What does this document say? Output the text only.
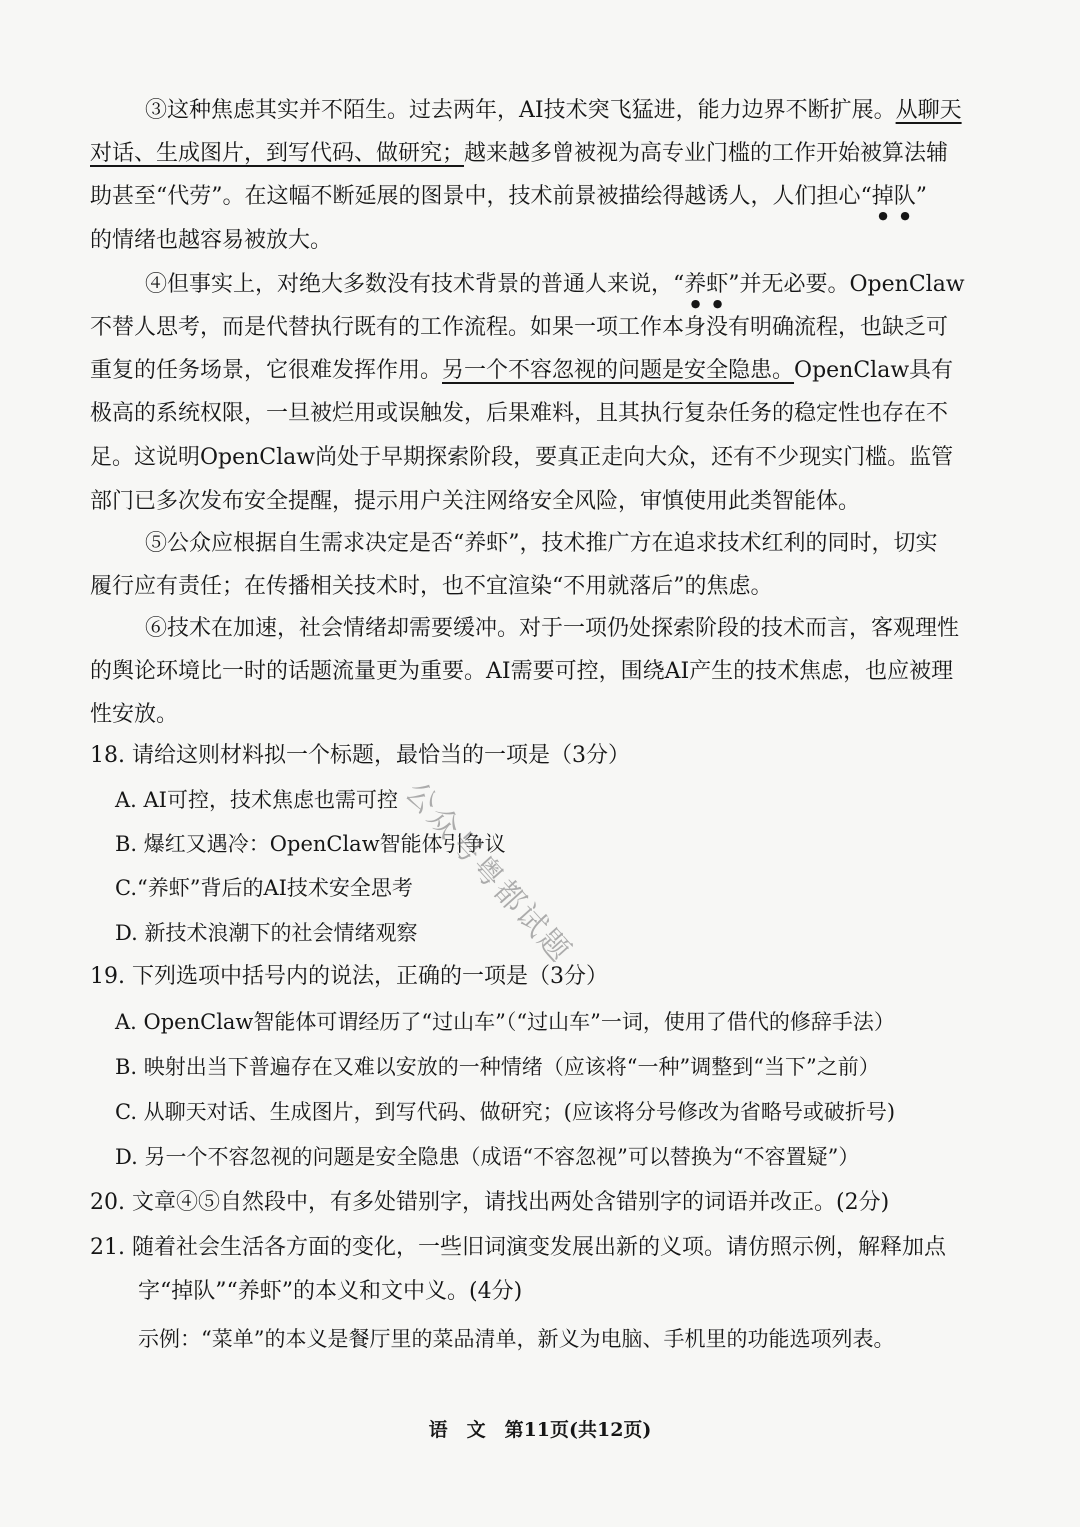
③这种焦虑其实并不陌生。过去两年，AI技术突飞猛进，能力边界不断扩展。从聊天
对话、生成图片，到写代码、做研究；越来越多曾被视为高专业门槛的工作开始被算法辅
助甚至“代劳”。在这幅不断延展的图景中，技术前景被描绘得越诱人，人们担心“掉队”
的情绪也越容易被放大。
④但事实上，对绝大多数没有技术背景的普通人来说，“养虾”并无必要。OpenClaw
不替人思考，而是代替执行既有的工作流程。如果一项工作本身没有明确流程，也缺乏可
重复的任务场景，它很难发挥作用。另一个不容忽视的问题是安全隐患。OpenClaw具有
极高的系统权限，一旦被烂用或误触发，后果难料，且其执行复杂任务的稳定性也存在不
足。这说明OpenClaw尚处于早期探索阶段，要真正走向大众，还有不少现实门槛。监管
部门已多次发布安全提醒，提示用户关注网络安全风险，审慎使用此类智能体。
⑤公众应根据自生需求决定是否“养虾”，技术推广方在追求技术红利的同时，切实
履行应有责任；在传播相关技术时，也不宜渲染“不用就落后”的焦虑。
⑥技术在加速，社会情绪却需要缓冲。对于一项仍处探索阶段的技术而言，客观理性
的舆论环境比一时的话题流量更为重要。AI需要可控，围绕AI产生的技术焦虑，也应被理
性安放。
18. 请给这则材料拟一个标题，最恰当的一项是（3分）
A. AI可控，技术焦虑也需可控
B. 爆红又遇冷：OpenClaw智能体引争议
C.“养虾”背后的AI技术安全思考
D. 新技术浪潮下的社会情绪观察
19. 下列选项中括号内的说法，正确的一项是（3分）
A. OpenClaw智能体可谓经历了“过山车”（“过山车”一词，使用了借代的修辞手法）
B. 映射出当下普遍存在又难以安放的一种情绪（应该将“一种”调整到“当下”之前）
C. 从聊天对话、生成图片，到写代码、做研究；(应该将分号修改为省略号或破折号)
D. 另一个不容忽视的问题是安全隐患（成语“不容忽视”可以替换为“不容置疑”）
20. 文章④⑤自然段中，有多处错别字，请找出两处含错别字的词语并改正。(2分)
21. 随着社会生活各方面的变化，一些旧词演变发展出新的义项。请仿照示例，解释加点
字“掉队”“养虾”的本义和文中义。(4分)
示例：“菜单”的本义是餐厅里的菜品清单，新义为电脑、手机里的功能选项列表。
公众号粤都试题
语　文　第11页(共12页)
